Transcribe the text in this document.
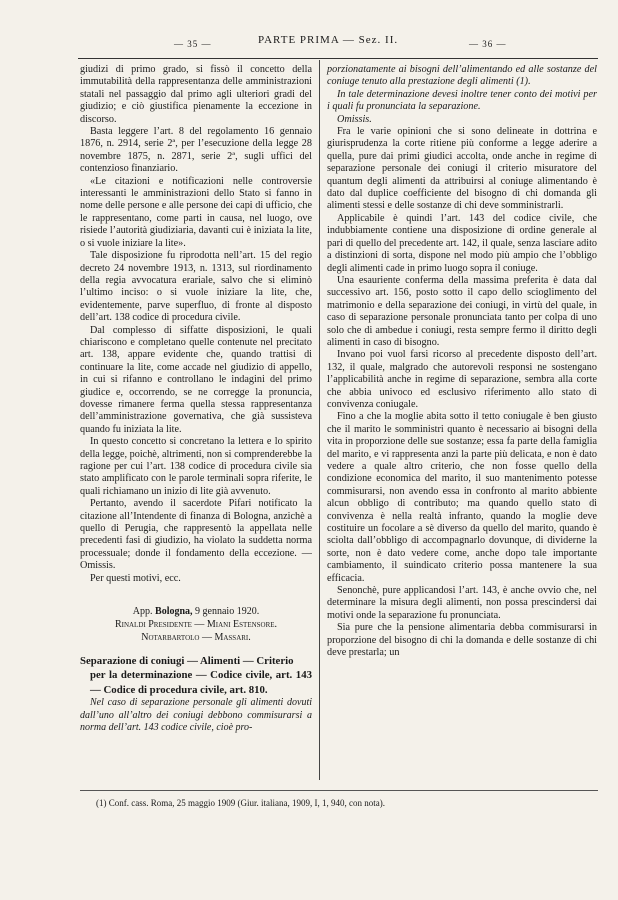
— 35 —	PARTE PRIMA — Sez. II.	— 36 —

giudizi di primo grado, si fissò il concetto della immutabilità della rappresentanza delle amministrazioni statali nel passaggio dal primo agli ulteriori gradi del giudizio; e ciò giustifica pienamente la eccezione in discorso.

Basta leggere l’art. 8 del regolamento 16 gennaio 1876, n. 2914, serie 2ª, per l’esecuzione della legge 28 novembre 1875, n. 2871, serie 2ª, sugli uffici del contenzioso finanziario.

«Le citazioni e notificazioni nelle controversie interessanti le amministrazioni dello Stato si fanno in nome delle persone e alle persone dei capi di ufficio, che le rappresentano, come parti in causa, nel luogo, ove risiede l’autorità giudiziaria, davanti cui è iniziata la lite, o si vuole iniziare la lite».

Tale disposizione fu riprodotta nell’art. 15 del regio decreto 24 novembre 1913, n. 1313, sul riordinamento della regia avvocatura erariale, salvo che si eliminò l’ultimo inciso: o si vuole iniziare la lite, che, evidentemente, parve superfluo, di fronte al disposto dell’art. 138 codice di procedura civile.

Dal complesso di siffatte disposizioni, le quali chiariscono e completano quelle contenute nel precitato art. 138, appare evidente che, quando trattisi di continuare la lite, come accade nel giudizio di appello, in cui si rifanno e controllano le indagini del primo giudice e, occorrendo, se ne corregge la pronuncia, dovesse rimanere ferma quella stessa rappresentanza dell’amministrazione governativa, che già sussisteva quando fu iniziata la lite.

In questo concetto si concretano la lettera e lo spirito della legge, poichè, altrimenti, non si comprenderebbe la ragione per cui l’art. 138 codice di procedura civile sia stato amplificato con le parole terminali sopra riferite, le quali richiamano un inizio di lite già avvenuto.

Pertanto, avendo il sacerdote Pifari notificato la citazione all’Intendente di finanza di Bologna, anzichè a quello di Perugia, che rappresentò la appellata nelle precedenti fasi di giudizio, ha violato la suddetta norma processuale; donde il fondamento della eccezione. — Omissis.

Per questi motivi, ecc.

App. Bologna, 9 gennaio 1920.
Rinaldi Presidente — Miani Estensore.
Notarbartolo — Massari.
Separazione di coniugi — Alimenti — Criterio
per la determinazione — Codice civile, art. 143 — Codice di procedura civile, art. 810.

Nel caso di separazione personale gli alimenti dovuti dall’uno all’altro dei coniugi debbono commisurarsi a norma dell’art. 143 codice civile, cioè pro-

porzionatamente ai bisogni dell’alimentando ed alle sostanze del coniuge tenuto alla prestazione degli alimenti (1).

In tale determinazione devesi inoltre tener conto dei motivi per i quali fu pronunciata la separazione.

Omissis.

Fra le varie opinioni che si sono delineate in dottrina e giurisprudenza la corte ritiene più conforme a legge aderire a quella, pure dai primi giudici accolta, onde anche in regime di separazione personale dei coniugi il criterio misuratore del quantum degli alimenti da attribuirsi al coniuge alimentando è dato dal duplice coefficiente del bisogno di chi domanda gli alimenti stessi e delle sostanze di chi deve somministrarli.

Applicabile è quindi l’art. 143 del codice civile, che indubbiamente contiene una disposizione di ordine generale al pari di quello del precedente art. 142, il quale, senza lasciare adito a distinzioni di sorta, dispone nel modo più ampio che l’obbligo degli alimenti cade in primo luogo sopra il coniuge.

Una esauriente conferma della massima preferita è data dal successivo art. 156, posto sotto il capo dello scioglimento del matrimonio e della separazione dei coniugi, in virtù del quale, in caso di separazione personale pronunciata tanto per colpa di uno solo che di ambedue i coniugi, resta sempre fermo il diritto degli alimenti in caso di bisogno.

Invano poi vuol farsi ricorso al precedente disposto dell’art. 132, il quale, malgrado che autorevoli responsi ne sostengano l’applicabilità anche in regime di separazione, sembra alla corte che abbia univoco ed esclusivo riferimento allo stato di convivenza coniugale.

Fino a che la moglie abita sotto il tetto coniugale è ben giusto che il marito le somministri quanto è necessario ai bisogni della vita in proporzione delle sue sostanze; essa fa parte della famiglia del marito, e vi rappresenta anzi la parte più delicata, e non è dato vedere a quale altro criterio, che non fosse quello della condizione economica del marito, il suo mantenimento potesse commisurarsi, non avendo essa in confronto al marito abbiente alcun obbligo di contributo; ma quando quello stato di convivenza è nella realtà infranto, quando la moglie deve costituire un focolare a sè diverso da quello del marito, quando è sciolta dall’obbligo di accompagnarlo dovunque, di dividerne la sorte, non è dato vedere come, anche dopo tale importante cambiamento, il suindicato criterio possa mantenere la sua efficacia.

Senonchè, pure applicandosi l’art. 143, è anche ovvio che, nel determinare la misura degli alimenti, non possa prescindersi dai motivi onde la separazione fu pronunciata.

Sia pure che la pensione alimentaria debba commisurarsi in proporzione del bisogno di chi la domanda e delle sostanze di chi deve prestarla; un

(1) Conf. cass. Roma, 25 maggio 1909 (Giur. italiana, 1909, I, 1, 940, con nota).
